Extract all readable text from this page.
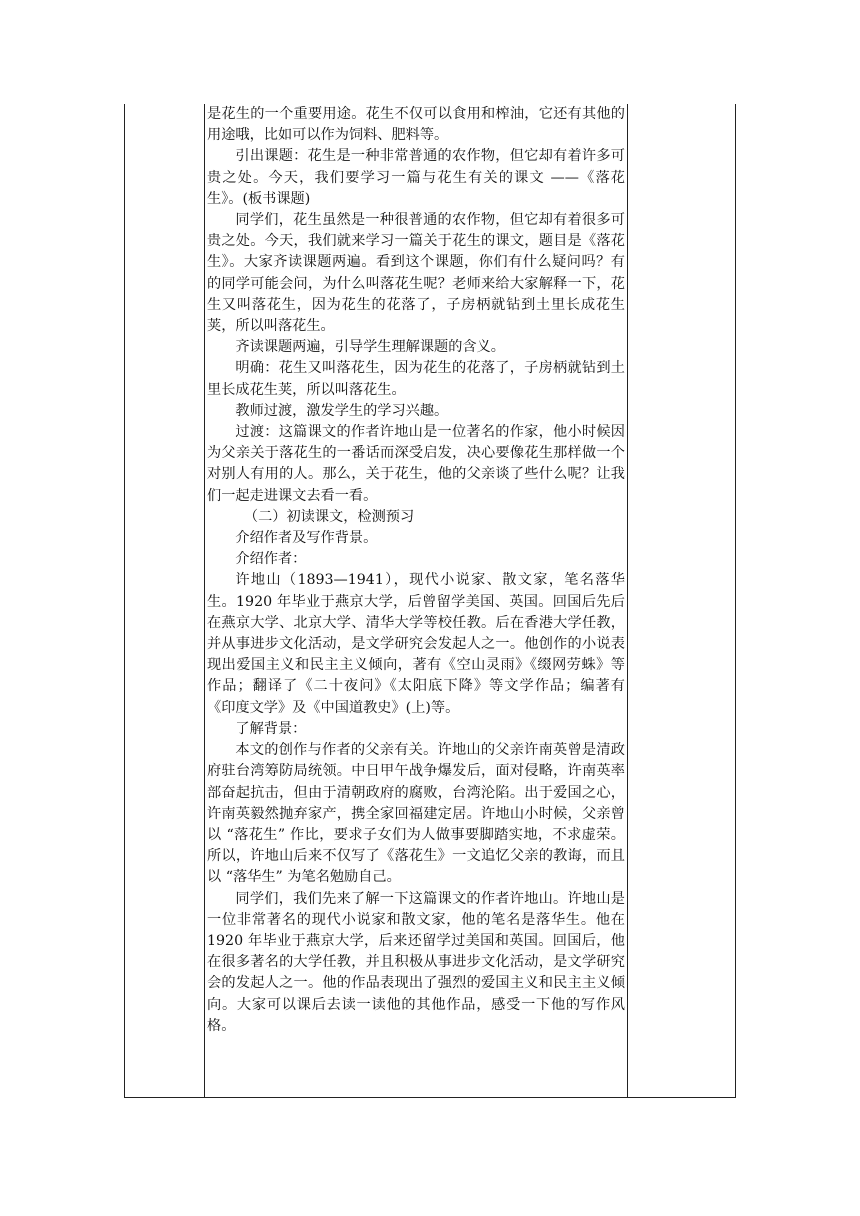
是花生的一个重要用途。花生不仅可以食用和榨油，它还有其他的用途哦，比如可以作为饲料、肥料等。

引出课题：花生是一种非常普通的农作物，但它却有着许多可贵之处。今天，我们要学习一篇与花生有关的课文 ——《落花生》。(板书课题)

同学们，花生虽然是一种很普通的农作物，但它却有着很多可贵之处。今天，我们就来学习一篇关于花生的课文，题目是《落花生》。大家齐读课题两遍。看到这个课题，你们有什么疑问吗？有的同学可能会问，为什么叫落花生呢？老师来给大家解释一下，花生又叫落花生，因为花生的花落了，子房柄就钻到土里长成花生荚，所以叫落花生。

齐读课题两遍，引导学生理解课题的含义。

明确：花生又叫落花生，因为花生的花落了，子房柄就钻到土里长成花生荚，所以叫落花生。

教师过渡，激发学生的学习兴趣。

过渡：这篇课文的作者许地山是一位著名的作家，他小时候因为父亲关于落花生的一番话而深受启发，决心要像花生那样做一个对别人有用的人。那么，关于花生，他的父亲谈了些什么呢？让我们一起走进课文去看一看。

（二）初读课文，检测预习

介绍作者及写作背景。

介绍作者：

许地山（1893—1941），现代小说家、散文家，笔名落华生。1920 年毕业于燕京大学，后曾留学美国、英国。回国后先后在燕京大学、北京大学、清华大学等校任教。后在香港大学任教，并从事进步文化活动，是文学研究会发起人之一。他创作的小说表现出爱国主义和民主主义倾向，著有《空山灵雨》《缀网劳蛛》等作品；翻译了《二十夜问》《太阳底下降》等文学作品；编著有《印度文学》及《中国道教史》(上)等。

了解背景：

本文的创作与作者的父亲有关。许地山的父亲许南英曾是清政府驻台湾筹防局统领。中日甲午战争爆发后，面对侵略，许南英率部奋起抗击，但由于清朝政府的腐败，台湾沦陷。出于爱国之心，许南英毅然抛弃家产，携全家回福建定居。许地山小时候，父亲曾以 “落花生” 作比，要求子女们为人做事要脚踏实地，不求虚荣。所以，许地山后来不仅写了《落花生》一文追忆父亲的教诲，而且以 “落华生” 为笔名勉励自己。

同学们，我们先来了解一下这篇课文的作者许地山。许地山是一位非常著名的现代小说家和散文家，他的笔名是落华生。他在 1920 年毕业于燕京大学，后来还留学过美国和英国。回国后，他在很多著名的大学任教，并且积极从事进步文化活动，是文学研究会的发起人之一。他的作品表现出了强烈的爱国主义和民主主义倾向。大家可以课后去读一读他的其他作品，感受一下他的写作风格。
